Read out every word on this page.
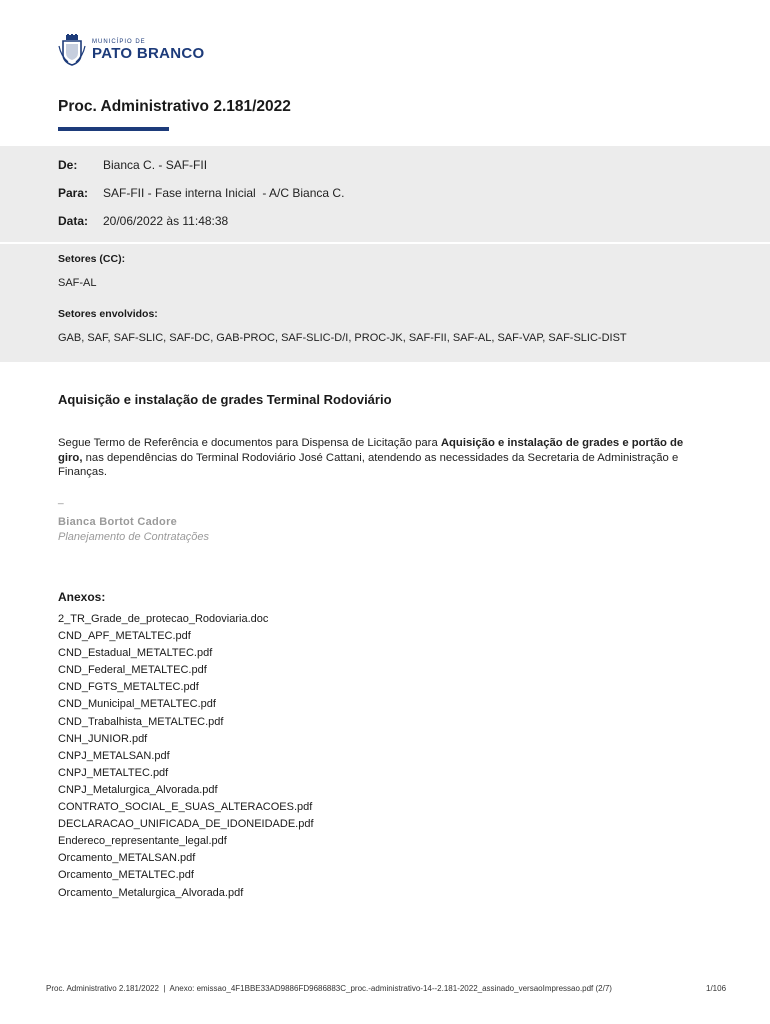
MUNICÍPIO DE
PATO BRANCO
Proc. Administrativo 2.181/2022
De:	Bianca C. - SAF-FII
Para:	SAF-FII - Fase interna Inicial  - A/C Bianca C.
Data:	20/06/2022 às 11:48:38
Setores (CC):
SAF-AL
Setores envolvidos:
GAB, SAF, SAF-SLIC, SAF-DC, GAB-PROC, SAF-SLIC-D/I, PROC-JK, SAF-FII, SAF-AL, SAF-VAP, SAF-SLIC-DIST
Aquisição e instalação de grades Terminal Rodoviário
Segue Termo de Referência e documentos para Dispensa de Licitação para Aquisição e instalação de grades e portão de giro, nas dependências do Terminal Rodoviário José Cattani, atendendo as necessidades da Secretaria de Administração e Finanças.
_
Bianca Bortot Cadore
Planejamento de Contratações
Anexos:
2_TR_Grade_de_protecao_Rodoviaria.doc
CND_APF_METALTEC.pdf
CND_Estadual_METALTEC.pdf
CND_Federal_METALTEC.pdf
CND_FGTS_METALTEC.pdf
CND_Municipal_METALTEC.pdf
CND_Trabalhista_METALTEC.pdf
CNH_JUNIOR.pdf
CNPJ_METALSAN.pdf
CNPJ_METALTEC.pdf
CNPJ_Metalurgica_Alvorada.pdf
CONTRATO_SOCIAL_E_SUAS_ALTERACOES.pdf
DECLARACAO_UNIFICADA_DE_IDONEIDADE.pdf
Endereco_representante_legal.pdf
Orcamento_METALSAN.pdf
Orcamento_METALTEC.pdf
Orcamento_Metalurgica_Alvorada.pdf
Proc. Administrativo 2.181/2022  |  Anexo: emissao_4F1BBE33AD9886FD9686883C_proc.-administrativo-14--2.181-2022_assinado_versaoImpressao.pdf (2/7)	1/106
